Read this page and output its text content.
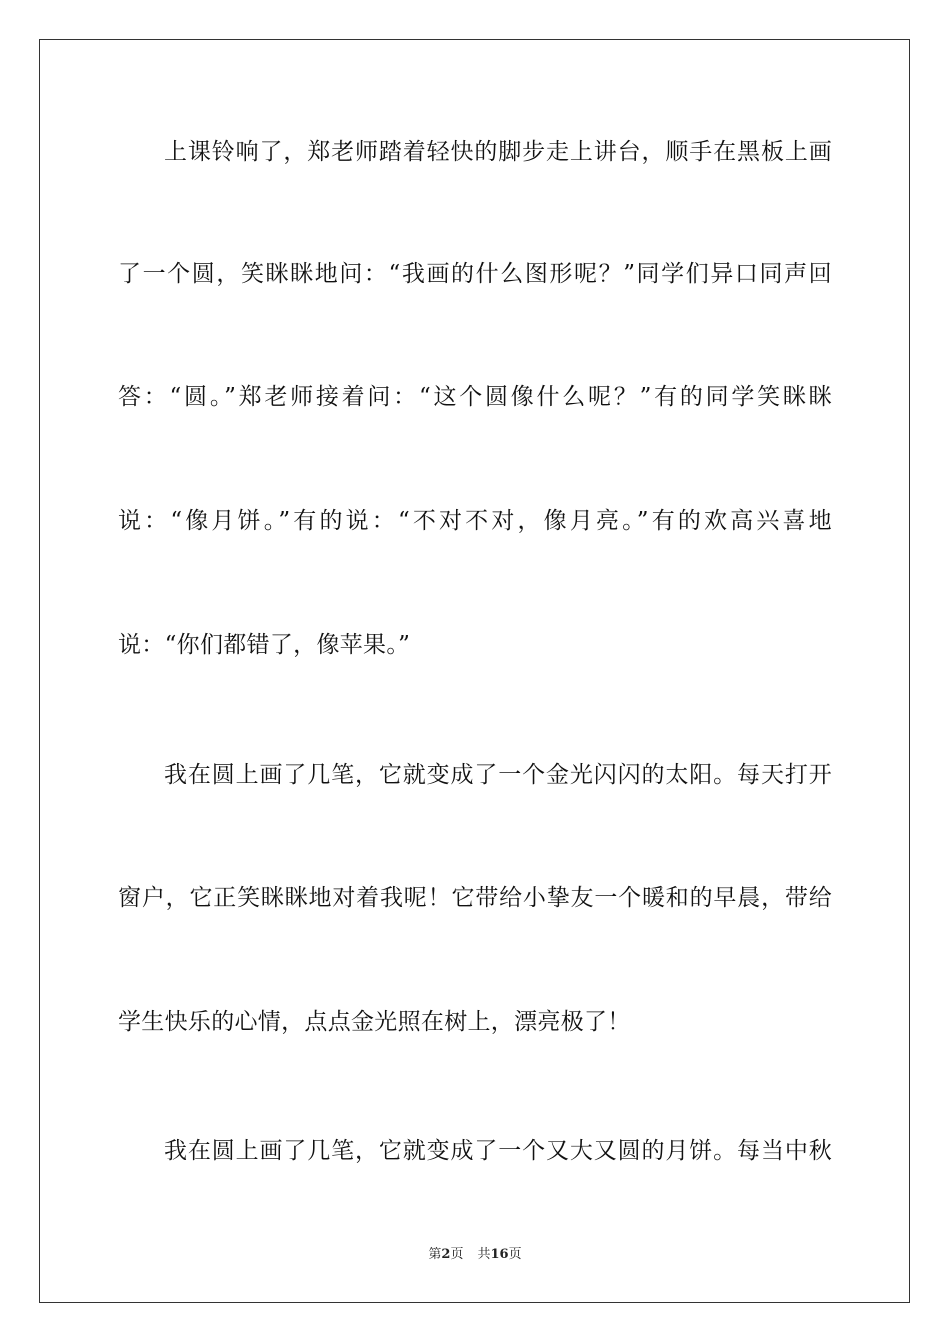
上课铃响了，郑老师踏着轻快的脚步走上讲台，顺手在黑板上画
了一个圆，笑眯眯地问：“我画的什么图形呢？”同学们异口同声回
答：“圆。”郑老师接着问：“这个圆像什么呢？”有的同学笑眯眯
说：“像月饼。”有的说：“不对不对，像月亮。”有的欢高兴喜地
说：“你们都错了，像苹果。”
我在圆上画了几笔，它就变成了一个金光闪闪的太阳。每天打开
窗户，它正笑眯眯地对着我呢！它带给小挚友一个暖和的早晨，带给
学生快乐的心情，点点金光照在树上，漂亮极了！
我在圆上画了几笔，它就变成了一个又大又圆的月饼。每当中秋
第2页 共16页
